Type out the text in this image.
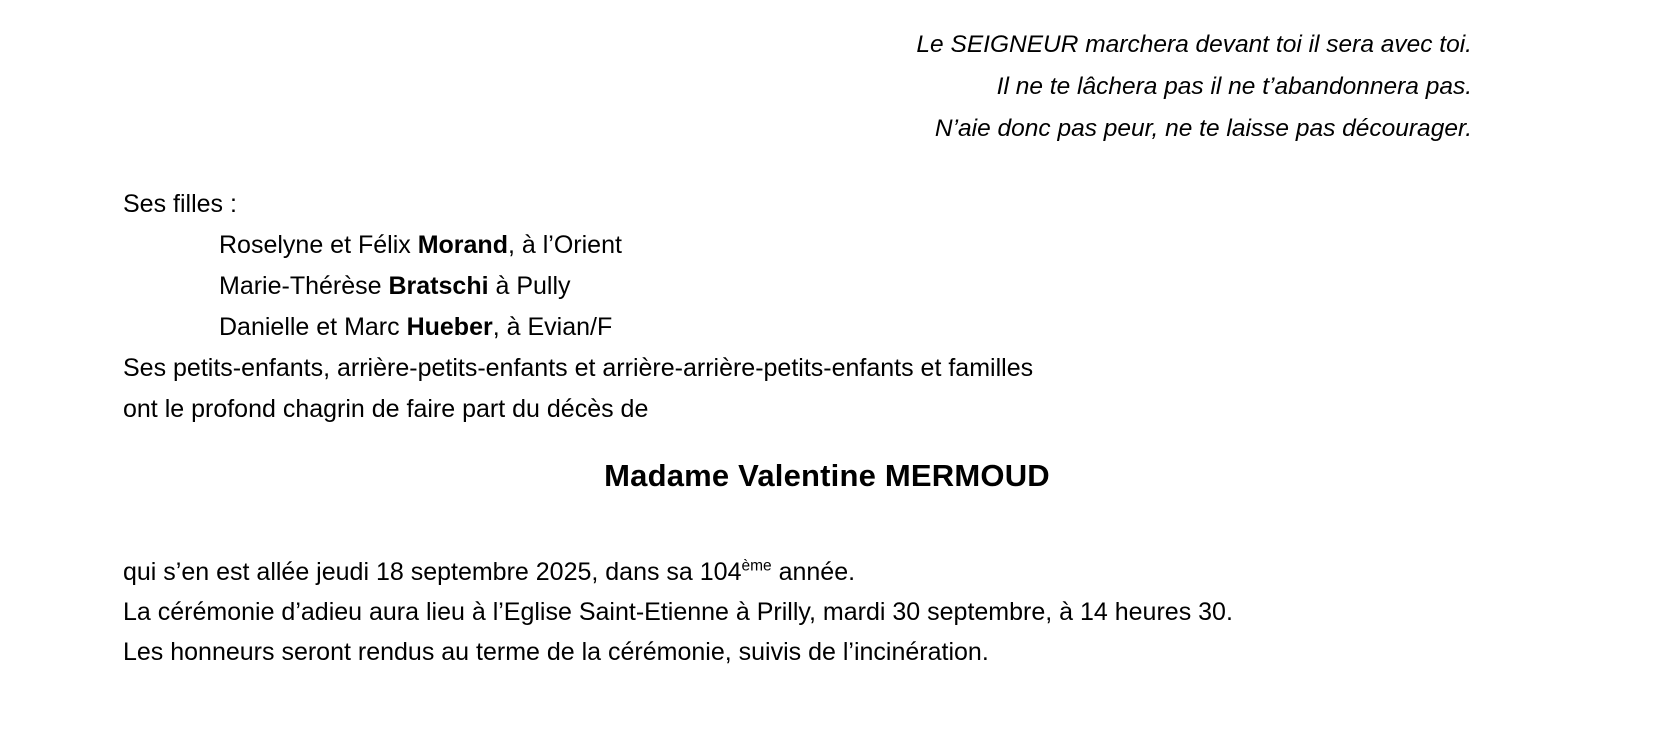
Le SEIGNEUR marchera devant toi il sera avec toi.
Il ne te lâchera pas il ne t’abandonnera pas.
N’aie donc pas peur, ne te laisse pas décourager.
Ses filles :
Roselyne et Félix Morand, à l’Orient
Marie-Thérèse Bratschi à Pully
Danielle et Marc Hueber, à Evian/F
Ses petits-enfants, arrière-petits-enfants et arrière-arrière-petits-enfants et familles
ont le profond chagrin de faire part du décès de
Madame Valentine MERMOUD
qui s’en est allée jeudi 18 septembre 2025, dans sa 104ème année.
La cérémonie d’adieu aura lieu à l’Eglise Saint-Etienne à Prilly, mardi 30 septembre, à 14 heures 30.
Les honneurs seront rendus au terme de la cérémonie, suivis de l’incinération.
